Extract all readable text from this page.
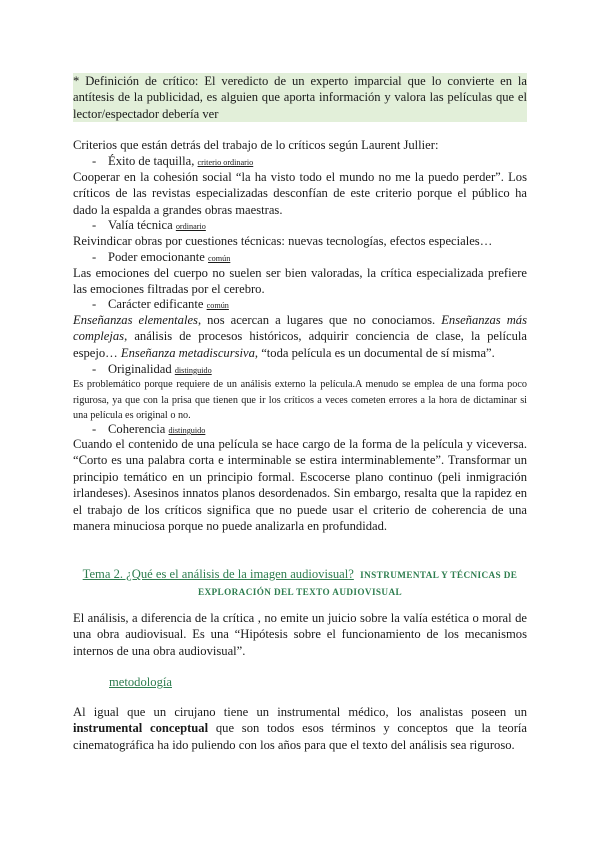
* Definición de crítico: El veredicto de un experto imparcial que lo convierte en la antítesis de la publicidad, es alguien que aporta información y valora las películas que el lector/espectador debería ver
Criterios que están detrás del trabajo de lo críticos según Laurent Jullier:
- Éxito de taquilla, criterio ordinario
Cooperar en la cohesión social “la ha visto todo el mundo no me la puedo perder”. Los críticos de las revistas especializadas desconfían de este criterio porque el público ha dado la espalda a grandes obras maestras.
- Valía técnica ordinario
Reivindicar obras por cuestiones técnicas: nuevas tecnologías, efectos especiales…
- Poder emocionante común
Las emociones del cuerpo no suelen ser bien valoradas, la crítica especializada prefiere las emociones filtradas por el cerebro.
- Carácter edificante común
Enseñanzas elementales, nos acercan a lugares que no conociamos. Enseñanzas más complejas, análisis de procesos históricos, adquirir conciencia de clase, la película espejo… Enseñanza metadiscursiva, “toda película es un documental de sí misma”.
- Originalidad distinguido
Es problemático porque requiere de un análisis externo la película.A menudo se emplea de una forma poco rigurosa, ya que con la prisa que tienen que ir los críticos a veces cometen errores a la hora de dictaminar si una película es original o no.
- Coherencia distinguido
Cuando el contenido de una película se hace cargo de la forma de la película y viceversa. “Corto es una palabra corta e interminable se estira interminablemente”. Transformar un principio temático en un principio formal. Escocerse plano continuo (peli inmigración irlandeses). Asesinos innatos planos desordenados. Sin embargo, resalta que la rapidez en el trabajo de los críticos significa que no puede usar el criterio de coherencia de una manera minuciosa porque no puede analizarla en profundidad.
Tema 2. ¿Qué es el análisis de la imagen audiovisual? INSTRUMENTAL Y TÉCNICAS DE
EXPLORACIÓN DEL TEXTO AUDIOVISUAL
El análisis, a diferencia de la crítica , no emite un juicio sobre la valía estética o moral de una obra audiovisual. Es una “Hipótesis sobre el funcionamiento de los mecanismos internos de una obra audiovisual”.
metodología
Al igual que un cirujano tiene un instrumental médico, los analistas poseen un instrumental conceptual que son todos esos términos y conceptos que la teoría cinematográfica ha ido puliendo con los años para que el texto del análisis sea riguroso.
